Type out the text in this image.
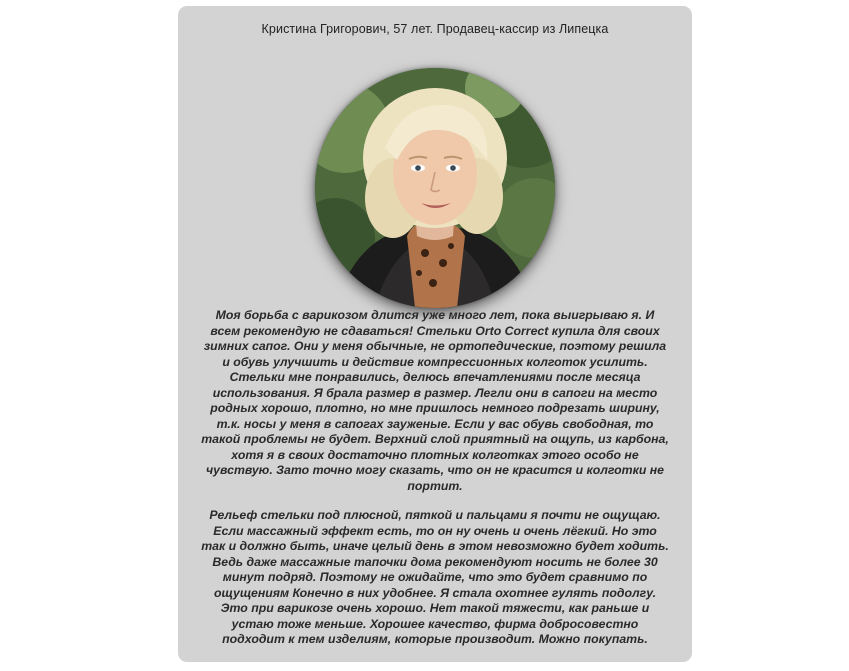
Кристина Григорович, 57 лет. Продавец-кассир из Липецка

Моя борьба с варикозом длится уже много лет, пока выигрываю я. И всем рекомендую не сдаваться! Стельки Orto Correct купила для своих зимних сапог. Они у меня обычные, не ортопедические, поэтому решила и обувь улучшить и действие компрессионных колготок усилить. Стельки мне понравились, делюсь впечатлениями после месяца использования. Я брала размер в размер. Легли они в сапоги на место родных хорошо, плотно, но мне пришлось немного подрезать ширину, т.к. носы у меня в сапогах зауженые. Если у вас обувь свободная, то такой проблемы не будет. Верхний слой приятный на ощупь, из карбона, хотя я в своих достаточно плотных колготках этого особо не чувствую. Зато точно могу сказать, что он не красится и колготки не портит.

Рельеф стельки под плюсной, пяткой и пальцами я почти не ощущаю. Если массажный эффект есть, то он ну очень и очень лёгкий. Но это так и должно быть, иначе целый день в этом невозможно будет ходить. Ведь даже массажные тапочки дома рекомендуют носить не более 30 минут подряд. Поэтому не ожидайте, что это будет сравнимо по ощущениям Конечно в них удобнее. Я стала охотнее гулять подолгу. Это при варикозе очень хорошо. Нет такой тяжести, как раньше и устаю тоже меньше. Хорошее качество, фирма добросовестно подходит к тем изделиям, которые производит. Можно покупать.
